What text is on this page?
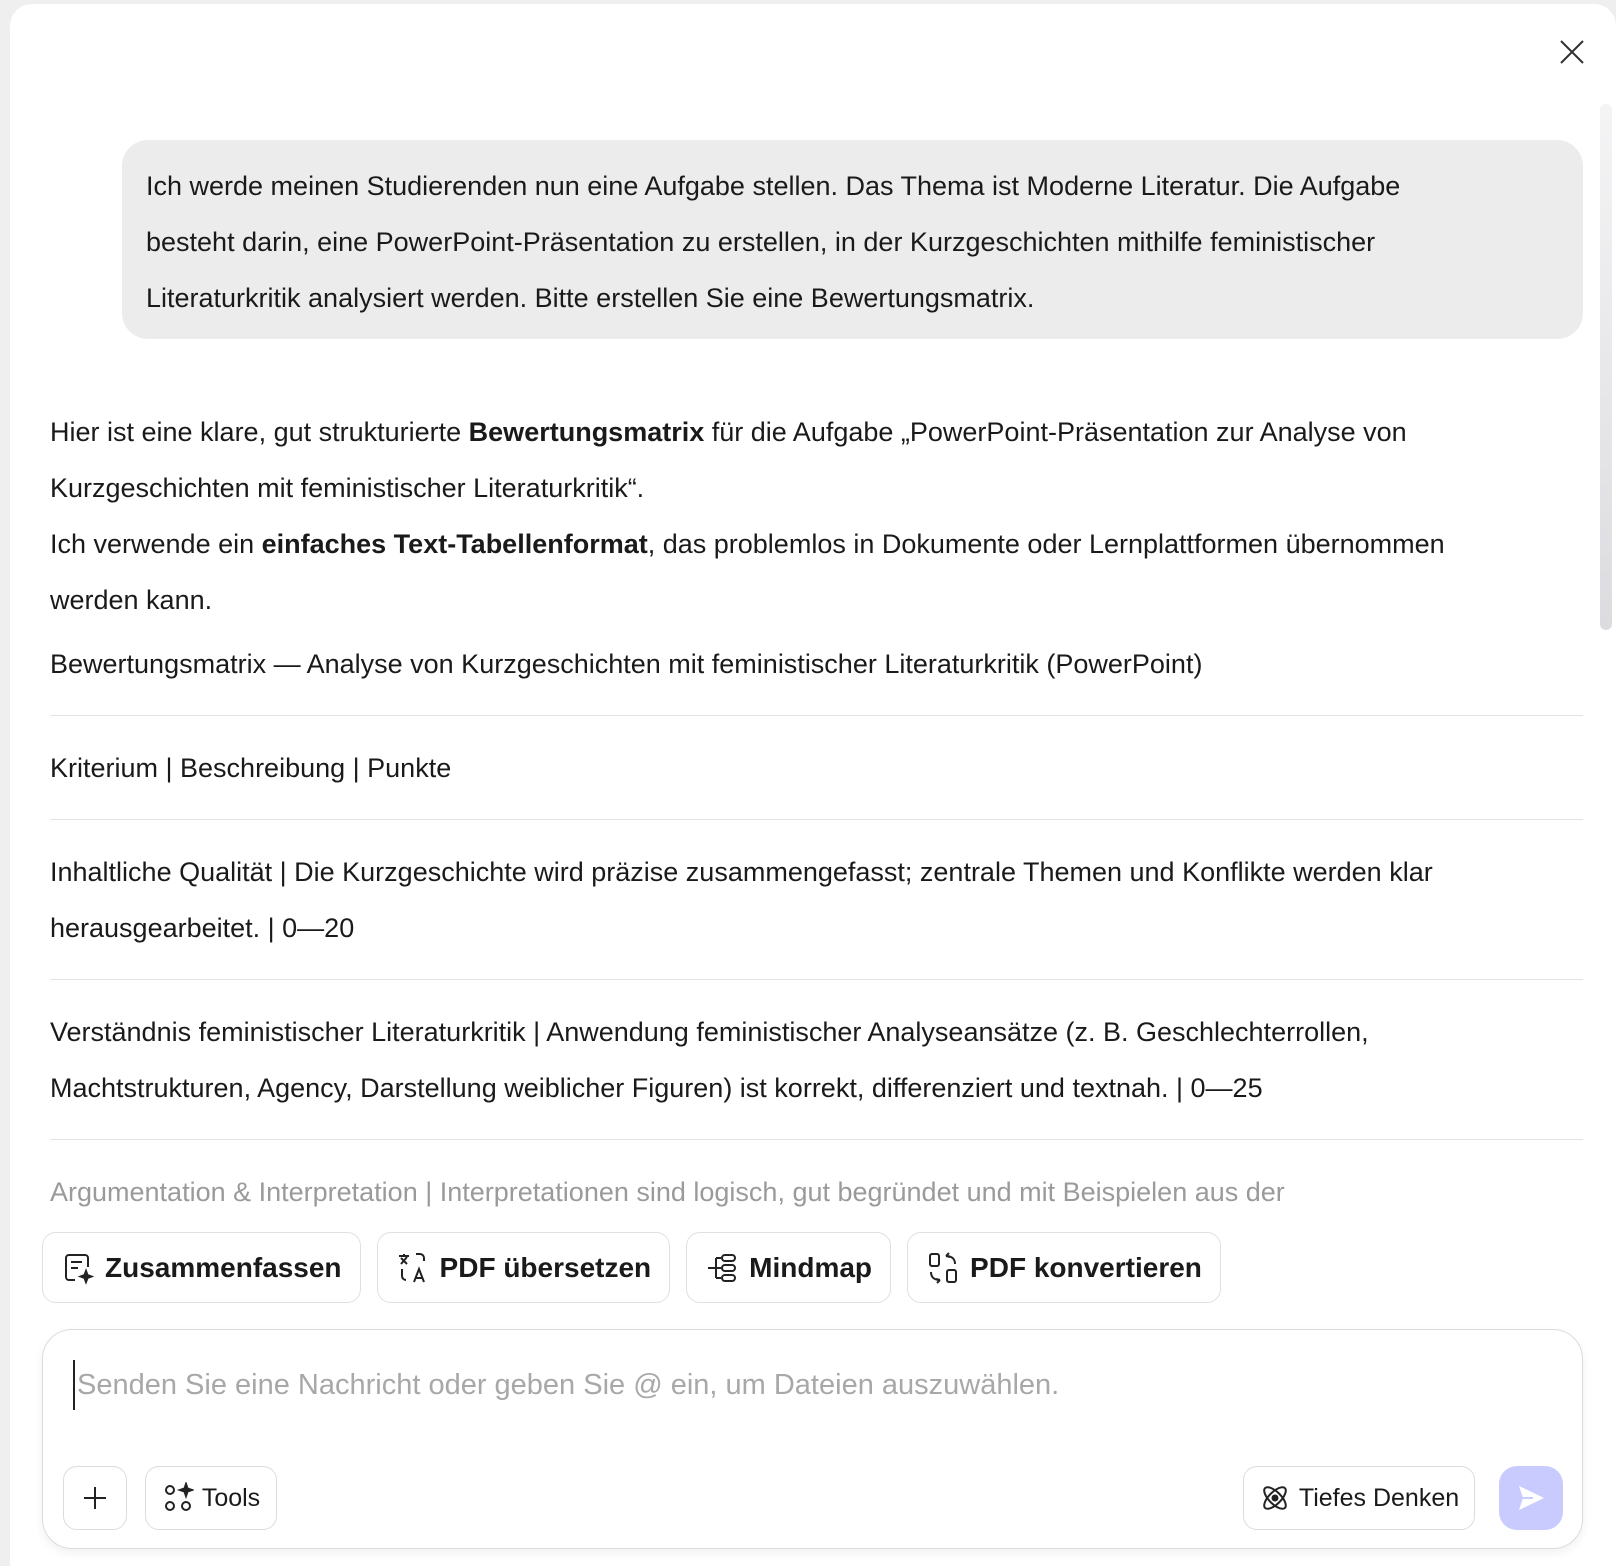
Ich werde meinen Studierenden nun eine Aufgabe stellen. Das Thema ist Moderne Literatur. Die Aufgabe
besteht darin, eine PowerPoint-Präsentation zu erstellen, in der Kurzgeschichten mithilfe feministischer
Literaturkritik analysiert werden. Bitte erstellen Sie eine Bewertungsmatrix.
Hier ist eine klare, gut strukturierte Bewertungsmatrix für die Aufgabe „PowerPoint-Präsentation zur Analyse von
Kurzgeschichten mit feministischer Literaturkritik“.
Ich verwende ein einfaches Text-Tabellenformat, das problemlos in Dokumente oder Lernplattformen übernommen
werden kann.
Bewertungsmatrix — Analyse von Kurzgeschichten mit feministischer Literaturkritik (PowerPoint)
Kriterium | Beschreibung | Punkte
Inhaltliche Qualität | Die Kurzgeschichte wird präzise zusammengefasst; zentrale Themen und Konflikte werden klar
herausgearbeitet. | 0—20
Verständnis feministischer Literaturkritik | Anwendung feministischer Analyseansätze (z. B. Geschlechterrollen,
Machtstrukturen, Agency, Darstellung weiblicher Figuren) ist korrekt, differenziert und textnah. | 0—25
Argumentation & Interpretation | Interpretationen sind logisch, gut begründet und mit Beispielen aus der
Zusammenfassen	PDF übersetzen	Mindmap	PDF konvertieren
Senden Sie eine Nachricht oder geben Sie @ ein, um Dateien auszuwählen.
Tools	Tiefes Denken
